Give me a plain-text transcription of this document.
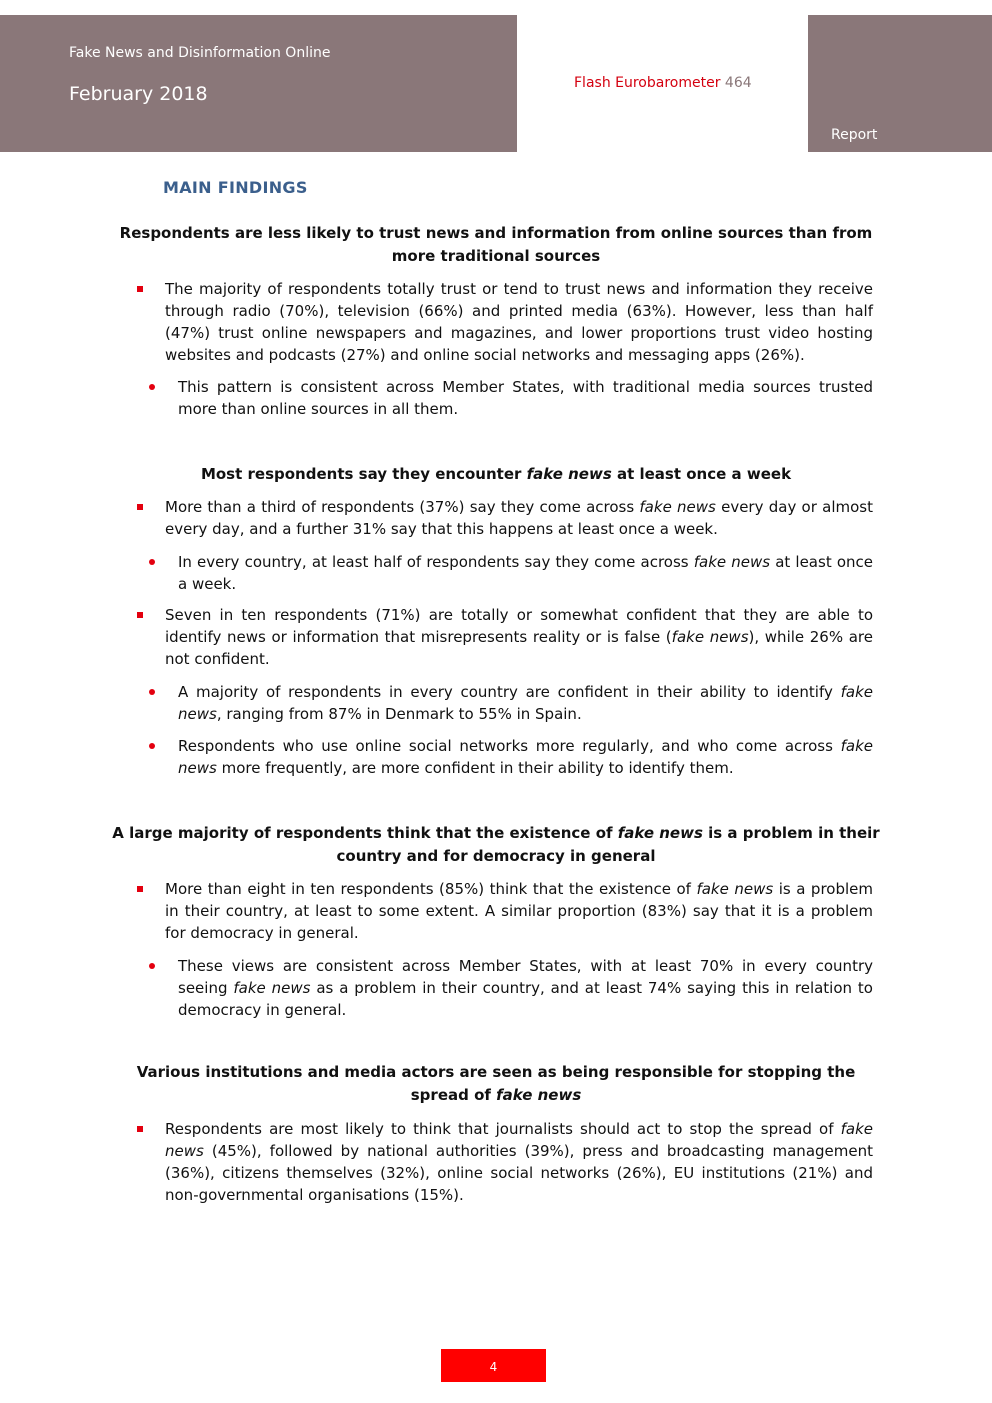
Fake News and Disinformation Online
February 2018	Flash Eurobarometer 464
Report
MAIN FINDINGS
Respondents are less likely to trust news and information from online sources than from more traditional sources
The majority of respondents totally trust or tend to trust news and information they receive through radio (70%), television (66%) and printed media (63%). However, less than half (47%) trust online newspapers and magazines, and lower proportions trust video hosting websites and podcasts (27%) and online social networks and messaging apps (26%).
This pattern is consistent across Member States, with traditional media sources trusted more than online sources in all them.
Most respondents say they encounter fake news at least once a week
More than a third of respondents (37%) say they come across fake news every day or almost every day, and a further 31% say that this happens at least once a week.
In every country, at least half of respondents say they come across fake news at least once a week.
Seven in ten respondents (71%) are totally or somewhat confident that they are able to identify news or information that misrepresents reality or is false (fake news), while 26% are not confident.
A majority of respondents in every country are confident in their ability to identify fake news, ranging from 87% in Denmark to 55% in Spain.
Respondents who use online social networks more regularly, and who come across fake news more frequently, are more confident in their ability to identify them.
A large majority of respondents think that the existence of fake news is a problem in their country and for democracy in general
More than eight in ten respondents (85%) think that the existence of fake news is a problem in their country, at least to some extent. A similar proportion (83%) say that it is a problem for democracy in general.
These views are consistent across Member States, with at least 70% in every country seeing fake news as a problem in their country, and at least 74% saying this in relation to democracy in general.
Various institutions and media actors are seen as being responsible for stopping the spread of fake news
Respondents are most likely to think that journalists should act to stop the spread of fake news (45%), followed by national authorities (39%), press and broadcasting management (36%), citizens themselves (32%), online social networks (26%), EU institutions (21%) and non-governmental organisations (15%).
4
